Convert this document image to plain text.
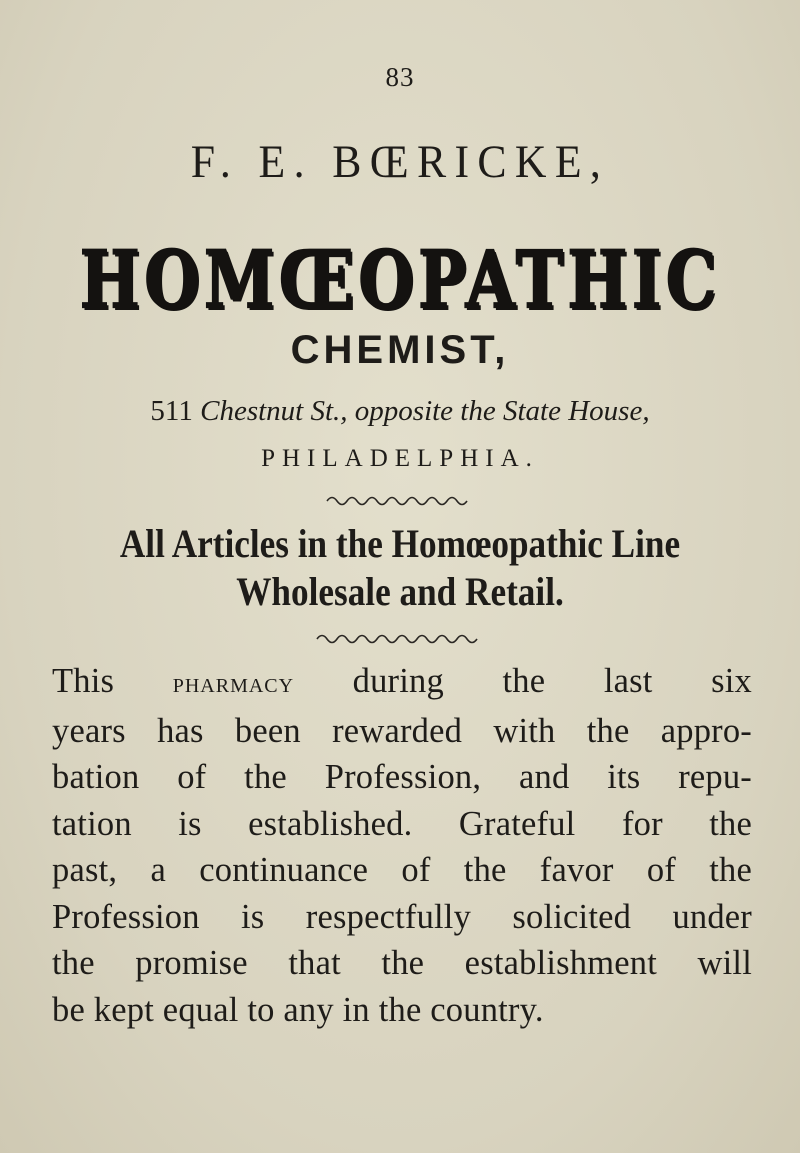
83
F. E. BŒRICKE,
HOMŒOPATHIC
CHEMIST,
511 Chestnut St., opposite the State House,
PHILADELPHIA.
All Articles in the Homœopathic Line
Wholesale and Retail.
This pharmacy during the last six
years has been rewarded with the appro-
bation of the Profession, and its repu-
tation is established. Grateful for the
past, a continuance of the favor of the
Profession is respectfully solicited under
the promise that the establishment will
be kept equal to any in the country.
